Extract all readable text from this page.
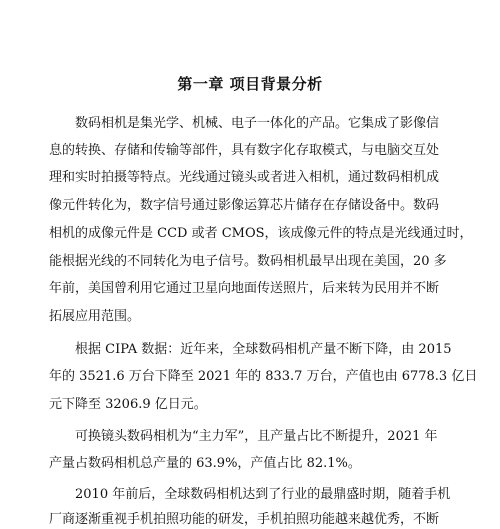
第一章 项目背景分析
数码相机是集光学、机械、电子一体化的产品。它集成了影像信
息的转换、存储和传输等部件，具有数字化存取模式，与电脑交互处
理和实时拍摄等特点。光线通过镜头或者进入相机，通过数码相机成
像元件转化为，数字信号通过影像运算芯片储存在存储设备中。数码
相机的成像元件是 CCD 或者 CMOS，该成像元件的特点是光线通过时，
能根据光线的不同转化为电子信号。数码相机最早出现在美国，20 多
年前，美国曾利用它通过卫星向地面传送照片，后来转为民用并不断
拓展应用范围。
根据 CIPA 数据：近年来，全球数码相机产量不断下降，由 2015
年的 3521.6 万台下降至 2021 年的 833.7 万台，产值也由 6778.3 亿日
元下降至 3206.9 亿日元。
可换镜头数码相机为“主力军”，且产量占比不断提升，2021 年
产量占数码相机总产量的 63.9%，产值占比 82.1%。
2010 年前后，全球数码相机达到了行业的最鼎盛时期，随着手机
厂商逐渐重视手机拍照功能的研发，手机拍照功能越来越优秀，不断
